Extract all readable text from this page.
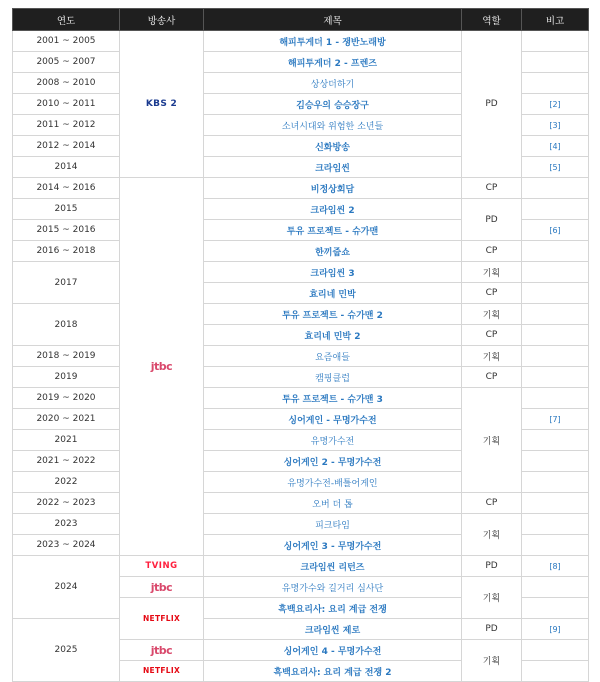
연도	방송사	제목	역할	비고
2001 ~ 2005	KBS 2	해피투게더 1 - 쟁반노래방	PD	
2005 ~ 2007		해피투게더 2 - 프렌즈		
2008 ~ 2010		상상더하기		
2010 ~ 2011		김승우의 승승장구		[2]
2011 ~ 2012		소녀시대와 위험한 소년들		[3]
2012 ~ 2014		신화방송		[4]
2014		크라임씬		[5]
2014 ~ 2016	jtbc	비정상회담	CP	
2015		크라임씬 2	PD	
2015 ~ 2016		투유 프로젝트 - 슈가맨		[6]
2016 ~ 2018		한끼줍쇼	CP	
2017		크라임씬 3	기획	
		효리네 민박	CP	
2018		투유 프로젝트 - 슈가맨 2	기획	
		효리네 민박 2	CP	
2018 ~ 2019		요즘애들	기획	
2019		캠핑클럽	CP	
2019 ~ 2020		투유 프로젝트 - 슈가맨 3	기획	
2020 ~ 2021		싱어게인 - 무명가수전		[7]
2021		유명가수전		
2021 ~ 2022		싱어게인 2 - 무명가수전		
2022		유명가수전-배틀어게인		
2022 ~ 2023		오버 더 톱	CP	
2023		피크타임	기획	
2023 ~ 2024		싱어게인 3 - 무명가수전		
2024	TVING	크라임씬 리턴즈	PD	[8]
	jtbc	유명가수와 길거리 심사단	기획	
	NETFLIX	흑백요리사: 요리 계급 전쟁		
2025		크라임씬 제로	PD	[9]
	jtbc	싱어게인 4 - 무명가수전	기획	
	NETFLIX	흑백요리사: 요리 계급 전쟁 2		
